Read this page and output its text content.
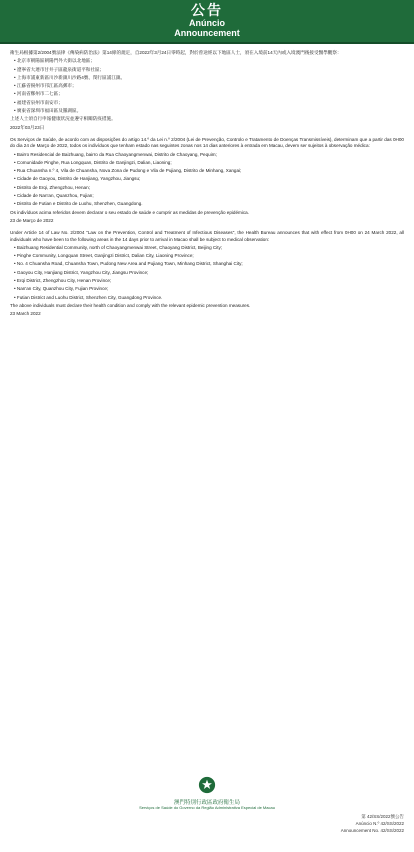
公告
Anúncio
Announcement

衛生局根據第2/2004號法律《傳染病防治法》第14條的規定，自2022年3月24日零時起，對於曾途經以下地區人士，須在入境前14天內或入境澳門後接受醫學觀察：

• 北京市朝陽區朝陽門外大街以北地區；

• 遼寧省大連市甘井子區龍泉街道平和社區；

• 上海市浦東新區川沙新鎮川沙路4號、閔行區浦江鎮。

• 江蘇省揚州市邗江區高郵市；

• 河南省鄭州市二七區；

• 福建省泉州市南安市；

• 廣東省深圳市福田區及羅湖區。

上述人士須自行申報健康狀況並遵守相關防疫措施。

2022年03月23日

Os Serviços de Saúde, de acordo com as disposições do artigo 14.º da Lei n.º 2/2004 (Lei de Prevenção, Controlo e Tratamento de Doenças Transmissíveis), determinam que a partir das 0H00 do dia 24 de Março de 2022, todos os indivíduos que tenham estado nas seguintes zonas nos 14 dias anteriores à entrada em Macau, devem ser sujeitos à observação médica:

• Bairro Residencial de Baizhuang, bairro da Rua Chaoyangmenwai, Distrito de Chaoyang, Pequim;

• Comunidade Pinghe, Rua Longquan, Distrito de Ganjingzi, Dalian, Liaoning;

• Rua Chuansha n.º 4, Vila de Chuansha, Nova Zona de Pudong e Vila de Pujiang, Distrito de Minhang, Xangai;

• Cidade de Gaoyou, Distrito de Hanjiang, Yangzhou, Jiangsu;

• Distrito de Erqi, Zhengzhou, Henan;

• Cidade de Nan'an, Quanzhou, Fujian;

• Distrito de Futian e Distrito de Luohu, Shenzhen, Guangdong.

Os indivíduos acima referidos devem declarar o seu estado de saúde e cumprir as medidas de prevenção epidémica.

23 de Março de 2022

Under Article 14 of Law No. 2/2004 "Law on the Prevention, Control and Treatment of Infectious Diseases", the Health Bureau announces that with effect from 0H00 on 24 March 2022, all individuals who have been to the following areas in the 14 days prior to arrival in Macao shall be subject to medical observation:

• Baizhuang Residential Community, north of Chaoyangmenwai Street, Chaoyang District, Beijing City;

• Pinghe Community, Longquan Street, Ganjingzi District, Dalian City, Liaoning Province;

• No. 4 Chuansha Road, Chuansha Town, Pudong New Area and Pujiang Town, Minhang District, Shanghai City;

• Gaoyou City, Hanjiang District, Yangzhou City, Jiangsu Province;

• Erqi District, Zhengzhou City, Henan Province;

• Nan'an City, Quanzhou City, Fujian Province;

• Futian District and Luohu District, Shenzhen City, Guangdong Province.

The above individuals must declare their health condition and comply with the relevant epidemic prevention measures.

23 March 2022

澳門特別行政區政府衛生局
Serviços de Saúde do Governo da Região Administrativa Especial de Macau
第 42/SS/2022號公告
Anúncio N.º 42/SS/2022
Announcement No. 42/SS/2022
